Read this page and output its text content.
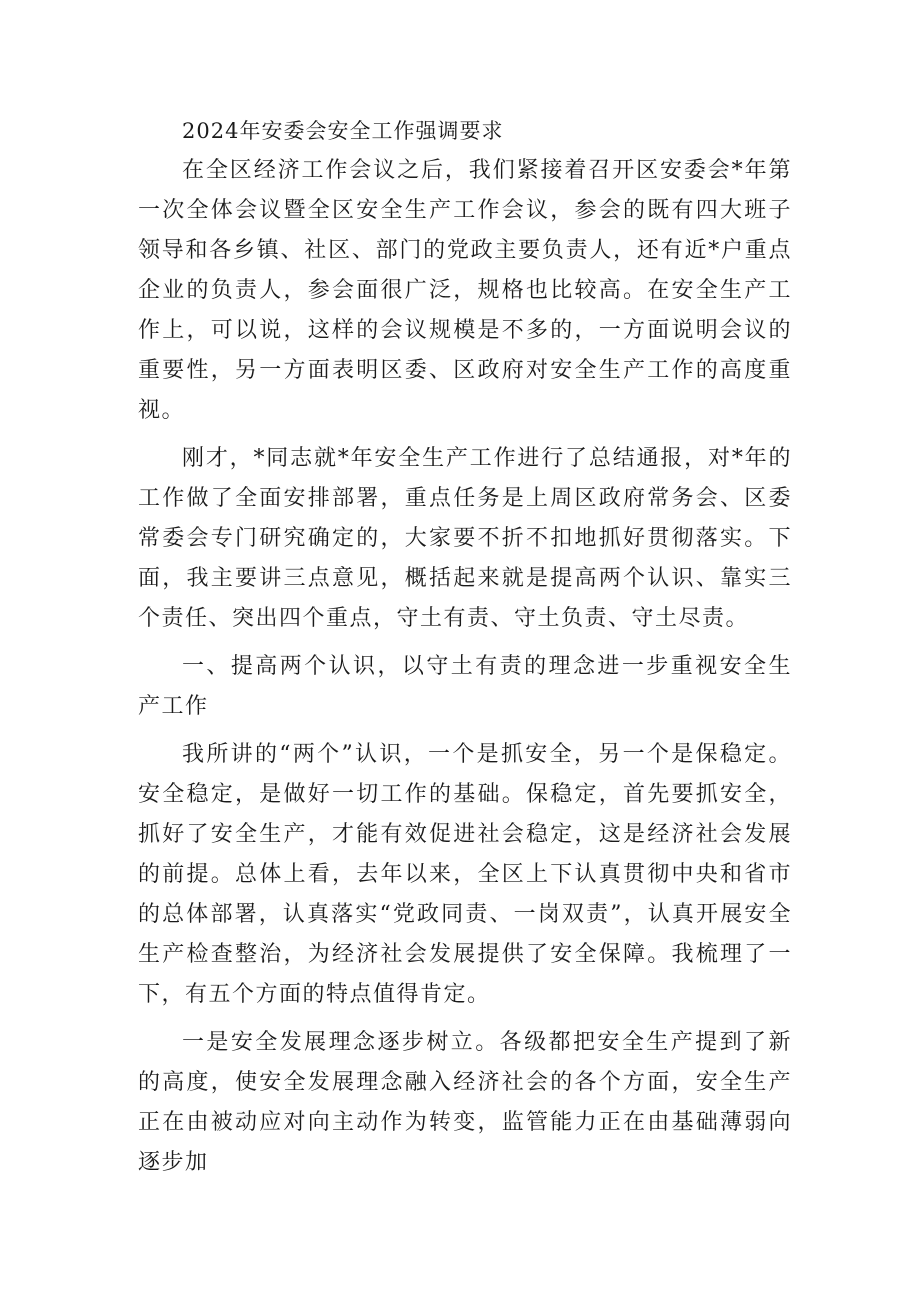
2024年安委会安全工作强调要求

在全区经济工作会议之后，我们紧接着召开区安委会*年第一次全体会议暨全区安全生产工作会议，参会的既有四大班子领导和各乡镇、社区、部门的党政主要负责人，还有近*户重点企业的负责人，参会面很广泛，规格也比较高。在安全生产工作上，可以说，这样的会议规模是不多的，一方面说明会议的重要性，另一方面表明区委、区政府对安全生产工作的高度重视。

刚才，*同志就*年安全生产工作进行了总结通报，对*年的工作做了全面安排部署，重点任务是上周区政府常务会、区委常委会专门研究确定的，大家要不折不扣地抓好贯彻落实。下面，我主要讲三点意见，概括起来就是提高两个认识、靠实三个责任、突出四个重点，守土有责、守土负责、守土尽责。

一、提高两个认识，以守土有责的理念进一步重视安全生产工作

我所讲的“两个”认识，一个是抓安全，另一个是保稳定。安全稳定，是做好一切工作的基础。保稳定，首先要抓安全，抓好了安全生产，才能有效促进社会稳定，这是经济社会发展的前提。总体上看，去年以来，全区上下认真贯彻中央和省市的总体部署，认真落实“党政同责、一岗双责”，认真开展安全生产检查整治，为经济社会发展提供了安全保障。我梳理了一下，有五个方面的特点值得肯定。

一是安全发展理念逐步树立。各级都把安全生产提到了新的高度，使安全发展理念融入经济社会的各个方面，安全生产正在由被动应对向主动作为转变，监管能力正在由基础薄弱向逐步加
